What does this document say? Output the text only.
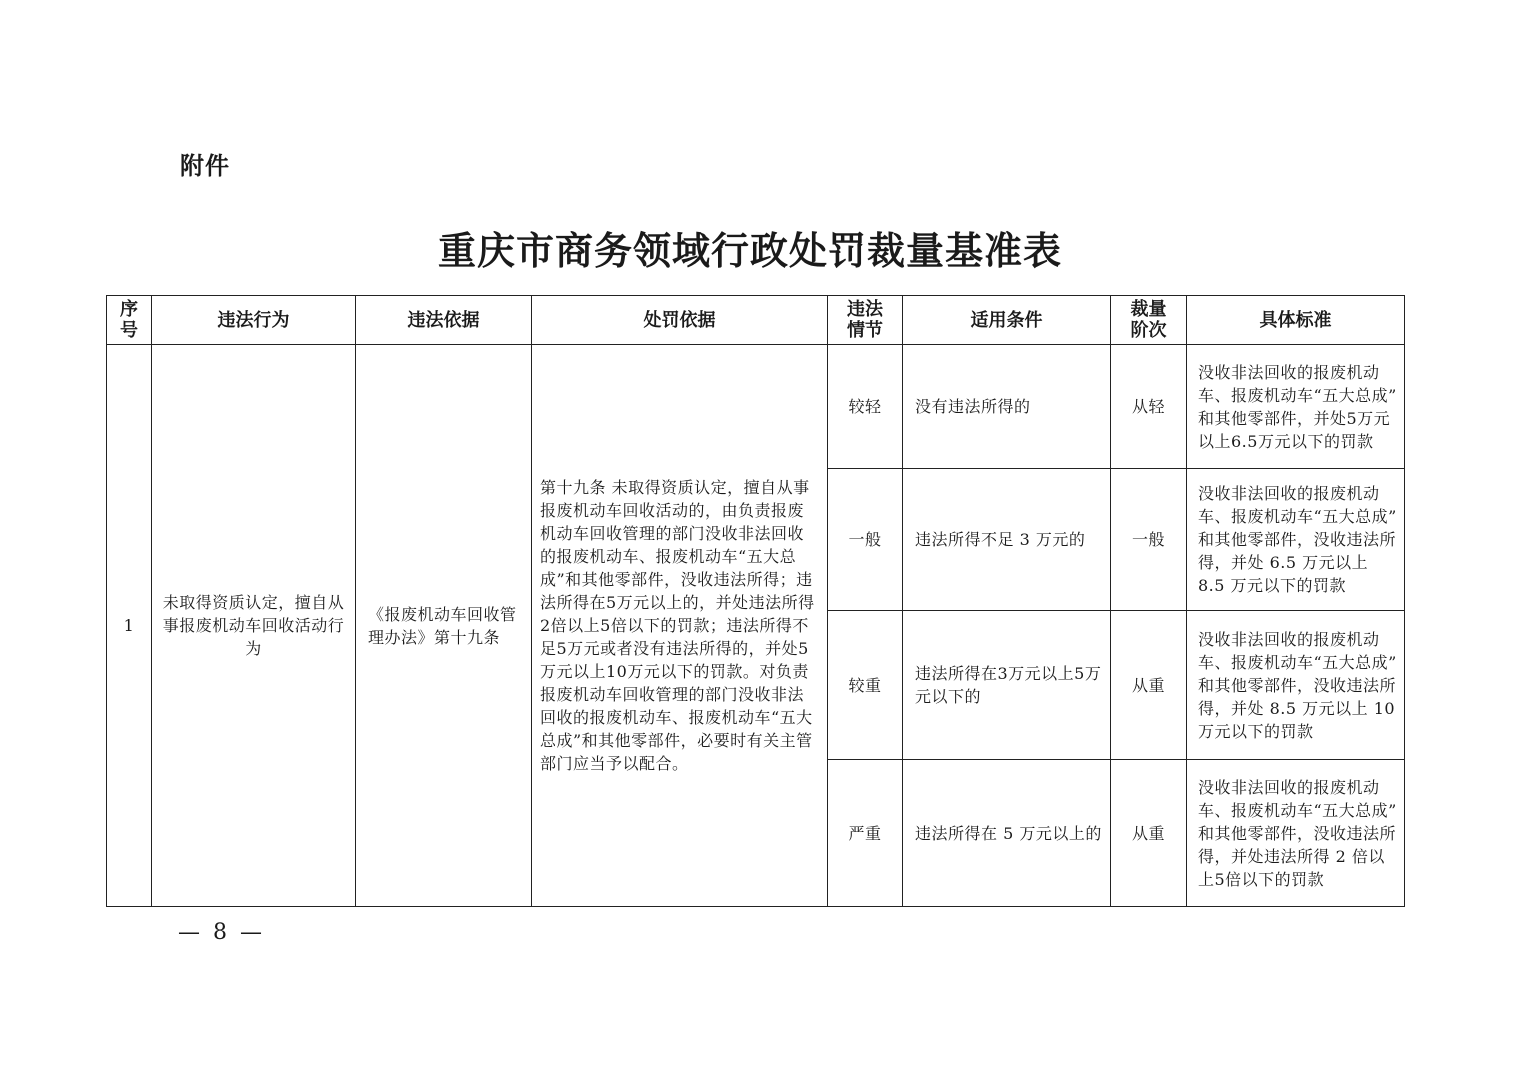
附件
重庆市商务领域行政处罚裁量基准表
序号	违法行为	违法依据	处罚依据	违法情节	适用条件	裁量阶次	具体标准
1	未取得资质认定，擅自从事报废机动车回收活动行为	《报废机动车回收管理办法》第十九条	第十九条 未取得资质认定，擅自从事报废机动车回收活动的，由负责报废机动车回收管理的部门没收非法回收的报废机动车、报废机动车“五大总成”和其他零部件，没收违法所得；违法所得在5万元以上的，并处违法所得2倍以上5倍以下的罚款；违法所得不足5万元或者没有违法所得的，并处5万元以上10万元以下的罚款。对负责报废机动车回收管理的部门没收非法回收的报废机动车、报废机动车“五大总成”和其他零部件，必要时有关主管部门应当予以配合。	较轻	没有违法所得的	从轻	没收非法回收的报废机动车、报废机动车“五大总成” 和其他零部件，并处5万元以上6.5万元以下的罚款
				一般	违法所得不足 3 万元的	一般	没收非法回收的报废机动车、报废机动车“五大总成” 和其他零部件，没收违法所得，并处 6.5 万元以上 8.5 万元以下的罚款
				较重	违法所得在3万元以上5万元以下的	从重	没收非法回收的报废机动车、报废机动车“五大总成” 和其他零部件，没收违法所得，并处 8.5 万元以上 10 万元以下的罚款
				严重	违法所得在 5 万元以上的	从重	没收非法回收的报废机动车、报废机动车“五大总成” 和其他零部件，没收违法所得，并处违法所得 2 倍以上5倍以下的罚款
— 8 —
